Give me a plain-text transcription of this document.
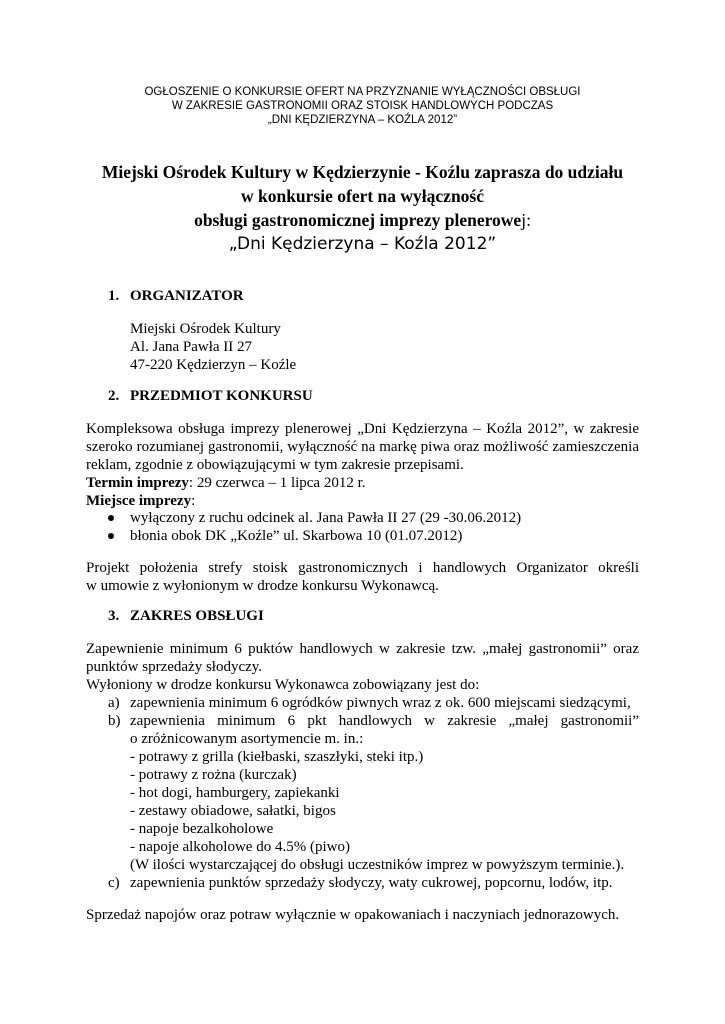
OGŁOSZENIE O KONKURSIE OFERT NA PRZYZNANIE WYŁĄCZNOŚCI OBSŁUGI
W ZAKRESIE GASTRONOMII ORAZ STOISK HANDLOWYCH PODCZAS
„DNI KĘDZIERZYNA – KOŹLA 2012”
Miejski Ośrodek Kultury w Kędzierzynie - Koźlu zaprasza do udziału
w konkursie ofert na wyłączność
obsługi gastronomicznej imprezy plenerowej:
„Dni Kędzierzyna – Koźla 2012”
1. ORGANIZATOR
Miejski Ośrodek Kultury
Al. Jana Pawła II 27
47-220 Kędzierzyn – Koźle
2. PRZEDMIOT KONKURSU
Kompleksowa obsługa imprezy plenerowej „Dni Kędzierzyna – Koźla 2012”, w zakresie
szeroko rozumianej gastronomii, wyłączność na markę piwa oraz możliwość zamieszczenia
reklam, zgodnie z obowiązującymi w tym zakresie przepisami.
Termin imprezy: 29 czerwca – 1 lipca 2012 r.
Miejsce imprezy:
wyłączony z ruchu odcinek al. Jana Pawła II 27 (29 -30.06.2012)
błonia obok DK „Koźle” ul. Skarbowa 10 (01.07.2012)
Projekt położenia strefy stoisk gastronomicznych i handlowych Organizator określi
w umowie z wyłonionym w drodze konkursu Wykonawcą.
3. ZAKRES OBSŁUGI
Zapewnienie minimum 6 puktów handlowych w zakresie tzw. „małej gastronomii” oraz
punktów sprzedaży słodyczy.
Wyłoniony w drodze konkursu Wykonawca zobowiązany jest do:
a) zapewnienia minimum 6 ogródków piwnych wraz z ok. 600 miejscami siedzącymi,
b) zapewnienia minimum 6 pkt handlowych w zakresie „małej gastronomii”
o zróżnicowanym asortymencie m. in.:
- potrawy z grilla (kiełbaski, szaszłyki, steki itp.)
- potrawy z rożna (kurczak)
- hot dogi, hamburgery, zapiekanki
- zestawy obiadowe, sałatki, bigos
- napoje bezalkoholowe
- napoje alkoholowe do 4.5% (piwo)
(W ilości wystarczającej do obsługi uczestników imprez w powyższym terminie.).
c) zapewnienia punktów sprzedaży słodyczy, waty cukrowej, popcornu, lodów, itp.
Sprzedaż napojów oraz potraw wyłącznie w opakowaniach i naczyniach jednorazowych.
